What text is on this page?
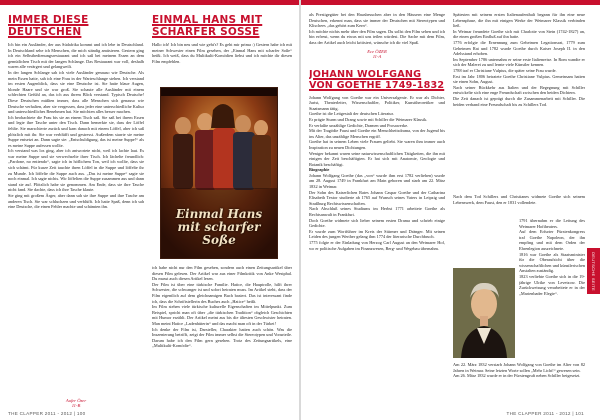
IMMER DIESE
DEUTSCHEN

Ich bin ein Ausländer, der aus Südafrika kommt und ich lebe in Deutschland. In Deutschland sehe ich Menschen, die mich ständig amüsieren. Gestern ging ich ein Selbstbedienungsrestaurant und ich saß bei meinem Essen an dem gemütlichen Tisch mit der langen Schlange. Das Restaurant war voll, deshalb waren alle verärgert und gelangweilt.

In der langen Schlange sah ich viele Ausländer genauso wie Deutsche. Als mein Essen hatte, sah ich eine Frau in der Warteschlange stehen. Ich verstand im ersten Augenblick, dass sie eine Deutsche ist. Sie hatte blaue Augen, blonde Haare und sie war groß. Sie schaute alle Ausländer mit einem schlechten Gefühl an, das ich aus ihrem Blick verstand. Typisch Deutsche! Diese Deutschen müßten immer, dass alle Menschen sich genauso wie Deutsche verhalten, aber sie vergessen, dass jeder eine unterschiedliche Kultur und unterschiedliches Benehmen hat. Sie möchten alles besser machen.

Ich beobachtete die Frau bis sie an einem Tisch saß. Sie saß bei ihrem Essen und legte ihre Tasche unter den Tisch. Dann bemerkte sie, dass der Löffel fehlte. Sie marschierte zurück und kam danach mit einem Löffel, aber ich saß plötzlich mit ihr. Sie war verblüfft und gestresst. Außerdem starrte sie meine Suppe entsetzt an. Dann sagte sie: „Entschuldigung, das ist meine Suppe!“ als es meine Suppe aufessen wollte.

Ich verstand was los ging, aber ich antwortete nicht, weil ich lachte laut. Es war meine Suppe und sie verwechselte ihrer Tisch. Ich lächelte freundlich: „Pardone, no entiendo“, sagte ich in höflichem Ton, weil ich wollte, dass sie sich schämt. Für kurze Zeit tauchte ihren Löffel in die Suppe und löffelte ihr zu Munde. Ich löffelte die Suppe auch aus. „Das ist meine Suppe“ sagte sie noch einmal. Ich sagte nichts. Wir löffelten die Suppe zusammen aus und dann stand sie auf. Plötzlich habe sie genommen. Am Ende, dass sie ihre Tasche nicht fand. Sie dachte, dass ich ihre Tasche klaute.

Sie ging mit großem Ärger, aber dann sah sie ihre Suppe und ihre Tasche am anderen Tisch. Sie war schluchzen und verblüfft. Ich hatte Spaß, denn ich sah eine Deutsche, die einen Fehler machte und schämten ihn.

Aufer Özer
11-B
EINMAL HANS MIT
SCHARFER SOSSE
Hallo ich! Ich bin neu und wie geht's? Es geht mir prima :) Gestern habe ich mit meiner Schwester einen Film gesehen, der „Einmal Hans mit scharfer Soße“ heißt. Ich weiß, dass du Multikulti-Komödien liebst und ich möchte dir diesen Film empfehlen.
Einmal Hans
mit scharfer Soße

ich habe nicht nur den Film gesehen, sondern auch einen Zeitungsartikel über diesen Film gelesen. Der Artikel war aus einer Filmkritik von Anke Westphal. Du musst auch diesen Artikel lesen.

Der Film ist über eine türkische Familie. Hatice, die Hauptrolle, hilft ihrer Schwester, die schwanger ist und sofort heiraten muss. Im Artikel steht, dass der Film eigentlich auf dem gleichnamigen Buch basiert. Das ist interessant finde ich, dass die Schriftstellerin des Buches auch „Hatice“ heißt.

Im Film stehen viele türkische kulturelle Eigenschaften im Mittelpunkt. Zum Beispiel, spricht man oft über „die türkischen Tradition“ obgleich Geschichten mit Humor erzählt. Der Artikel meint aus bis die ältesten Geschwister heiraten. Man meint Hatice „Ladenhüterin“ und das macht man oft in der Türkei!

Ich denke der Film ist, Darsteller, Charakter hatten auch schön. Was die Inszenierung betrifft, zeigt der Film immer selbst die Stereotypen und Vorurteile. Darum habe ich den Film gern gesehen. Trotz des Zeitungsartikels, eine „Multikulti-Komödie“.

THE CLAPPER 2011 - 2012 | 100

als Prestigegüter bei den Hausbesuchen aber in den Häusern eine Menge Deutschen, erkennt man, dass sie immer der Deutschen mit Stereotypen und Klischees „das gehört zum Kern“.

Ich möchte nichts mehr über den Film sagen. Du sollst den Film sehen und ich bin erfreut, wenn du etwas mit uns teilen würdest. Die Sache mit dem Film, dass der Artikel auch leicht kritisiert, wünsche ich dir viel Spaß.

Ece ÖZER
11-A
JOHANN WOLFGANG
VON GOETHE 1749-1832

Johann Wolfgang von Goethe war ein Universalgenie. Er war als Dichter, Jurist, Theaterleiter, Wissenschaftler, Politiker, Kunsttheoretiker und Staatsmann tätig.

Goethe ist die Leitgestalt der deutschen Literatur.

Er prägte Sturm und Drang sowie mit Schiller die Weimarer Klassik.

Er verfaßte unzählige Gedichte, Dramen und Prosawerke.

Mit der Tragödie Faust und Goethe ein Menschheitsdrama, von der Jugend bis ins Alter, das unzählige Menschen ergriff.

Goethe hat in seinem Leben viele Frauen geliebt. Sie waren ihm immer auch Inspiration zu neuen Dichtungen.

Weniger bekannt waren seine naturwissenschaftlichen Tätigkeiten, die ihn mit einigen der Zeit beschäftigten. Er hat sich mit Anatomie, Geologie und Botanik beschäftigt.

Biographie

Johann Wolfgang Goethe (das „von“ wurde ihm erst 1782 verliehen) wurde am 28. August 1749 in Frankfurt am Main geboren und starb am 22. März 1832 in Weimar.

Der Sohn des Kaiserlichen Rates Johann Caspar Goethe und der Catharina Elisabeth Textor studierte ab 1765 auf Wunsch seines Vaters in Leipzig und Straßburg Rechtswissenschaften.

Nach Abschluß seines Studiums im Herbst 1771 arbeitete Goethe als Rechtsanwalt in Frankfurt.

Doch Goethe widmete sich lieber seinem ersten Drama und schrieb einige Gedichte.

Er wurde zum Wortführer im Kreis der Stürmer und Dränger. Mit seinen Leiden des jungen Werther gelang ihm 1774 der literarische Durchbruch.

1775 folgte er der Einladung von Herzog Carl August an den Weimarer Hof, wo er politische Aufgaben im Finanzwesen, Berg- und Wegebau übernahm.

Spätesten mit seinem ersten Italienaufenthalt begann für ihn eine neue Lebensphase, die ihn mit einigen Werke der Weimarer Klassik verbinden ließ.

In Weimar freundete Goethe sich mit Charlotte von Stein (1742-1827) an, die einen großen Einfluß auf ihn hatte.

1776 erfolgte die Ernennung zum Geheimen Legationsrat, 1779 zum Geheimen Rat und 1782 wurde Goethe durch Kaiser Joseph II. in den Adelsstand erhoben.

Im September 1786 unternahm er seine erste Italienreise. In Rom wandte er sich der Malerei zu und lernte viele Künstler kennen.

1788 traf er Christiane Vulpius, die später seine Frau wurde.

Erst im Jahr 1806 heiratete Goethe Christiane Vulpius. Gemeinsam hatten sie einen Sohn, August.

Nach seiner Rückkehr aus Italien und der Begegnung mit Schiller entwickelte sich eine enge Freundschaft zwischen den beiden Dichtern.

Die Zeit danach ist geprägt durch die Zusammenarbeit mit Schiller. Die beiden verband eine Freundschaft bis zu Schillers Tod.

Nach dem Tod Schillers und Christianes widmete Goethe sich seinem Lebenswerk, dem Faust, den er 1831 vollendete.

1791 übernahm er die Leitung des Weimarer Hoftheaters.

Auf dem Erfurter Fürstenkongress traf Goethe Napoleon, der ihn empfing und mit dem Orden der Ehrenlegion auszeichnete.

1816 war Goethe als Staatsminister für die Oberaufsicht über die wissenschaftlichen und künstlerischen Anstalten zuständig.

1823 verliebte Goethe sich in die 19-jährige Ulrike von Levetzow. Die Zurückweisung verarbeitete er in der „Marienbader Elegie“.

Am 22. März 1832 verstarb Johann Wolfgang von Goethe im Alter von 82 Jahren in Weimar. Seine letzten Worte sollen „Mehr Licht!“ gewesen sein.

Am 26. März 1832 wurde er in der Fürstengruft neben Schiller beigesetzt.

DEUTSCHE SEITE
THE CLAPPER 2011 - 2012 | 101
